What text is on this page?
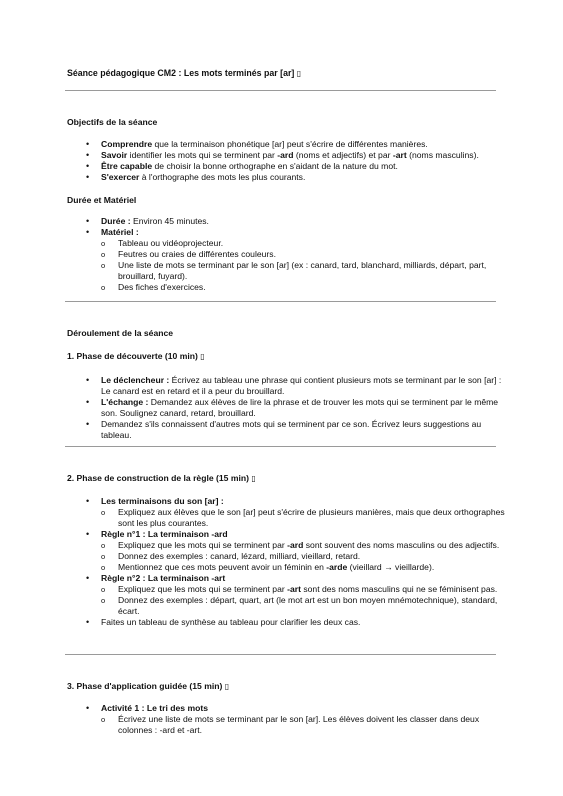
Séance pédagogique CM2 : Les mots terminés par [ar] ▯
Objectifs de la séance
• Comprendre que la terminaison phonétique [ar] peut s'écrire de différentes manières.
• Savoir identifier les mots qui se terminent par -ard (noms et adjectifs) et par -art (noms masculins).
• Être capable de choisir la bonne orthographe en s'aidant de la nature du mot.
• S'exercer à l'orthographe des mots les plus courants.
Durée et Matériel
• Durée : Environ 45 minutes.
• Matériel :
o Tableau ou vidéoprojecteur.
o Feutres ou craies de différentes couleurs.
o Une liste de mots se terminant par le son [ar] (ex : canard, tard, blanchard, milliards, départ, part, brouillard, fuyard).
o Des fiches d'exercices.
Déroulement de la séance
1. Phase de découverte (10 min) ▯
• Le déclencheur : Écrivez au tableau une phrase qui contient plusieurs mots se terminant par le son [ar] : Le canard est en retard et il a peur du brouillard.
• L'échange : Demandez aux élèves de lire la phrase et de trouver les mots qui se terminent par le même son. Soulignez canard, retard, brouillard.
• Demandez s'ils connaissent d'autres mots qui se terminent par ce son. Écrivez leurs suggestions au tableau.
2. Phase de construction de la règle (15 min) ▯
• Les terminaisons du son [ar] :
o Expliquez aux élèves que le son [ar] peut s'écrire de plusieurs manières, mais que deux orthographes sont les plus courantes.
• Règle n°1 : La terminaison -ard
o Expliquez que les mots qui se terminent par -ard sont souvent des noms masculins ou des adjectifs.
o Donnez des exemples : canard, lézard, milliard, vieillard, retard.
o Mentionnez que ces mots peuvent avoir un féminin en -arde (vieillard → vieillarde).
• Règle n°2 : La terminaison -art
o Expliquez que les mots qui se terminent par -art sont des noms masculins qui ne se féminisent pas.
o Donnez des exemples : départ, quart, art (le mot art est un bon moyen mnémotechnique), standard, écart.
• Faites un tableau de synthèse au tableau pour clarifier les deux cas.
3. Phase d'application guidée (15 min) ▯
• Activité 1 : Le tri des mots
o Écrivez une liste de mots se terminant par le son [ar]. Les élèves doivent les classer dans deux colonnes : -ard et -art.
